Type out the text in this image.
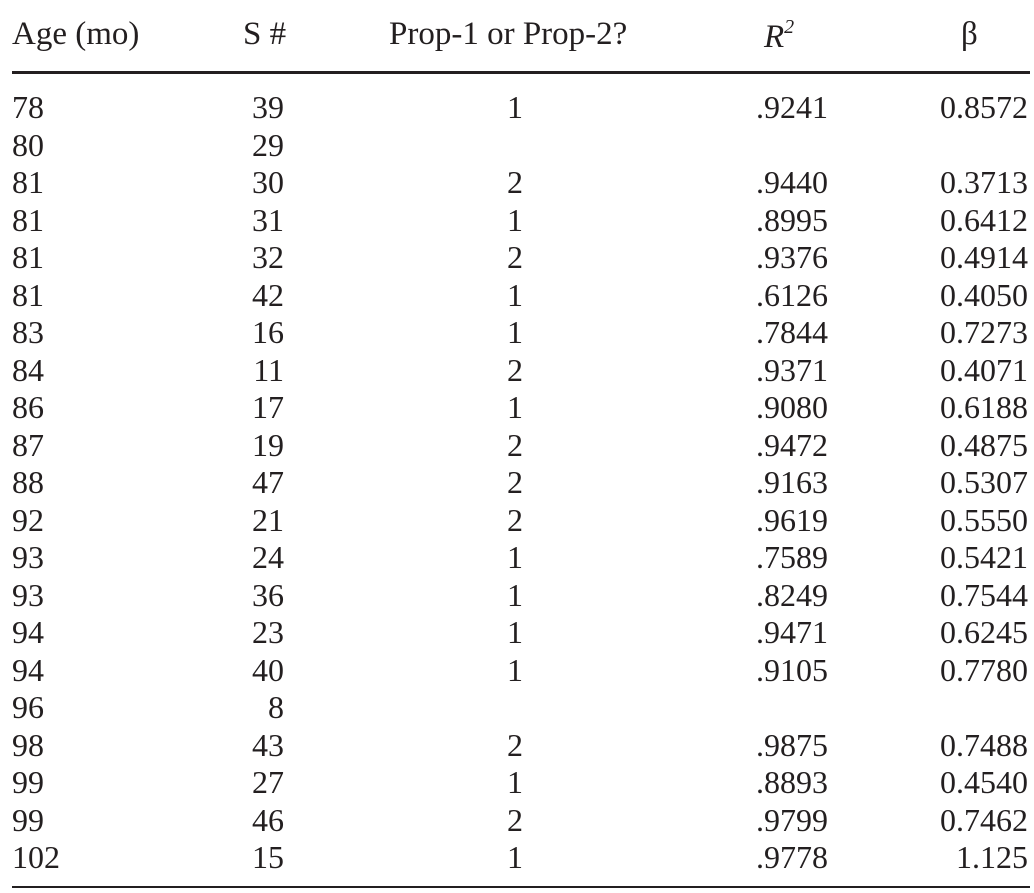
Age (mo)	S #	Prop-1 or Prop-2?	$R^2$	β
78	39	1	.9241	0.8572
80	29
81	30	2	.9440	0.3713
81	31	1	.8995	0.6412
81	32	2	.9376	0.4914
81	42	1	.6126	0.4050
83	16	1	.7844	0.7273
84	11	2	.9371	0.4071
86	17	1	.9080	0.6188
87	19	2	.9472	0.4875
88	47	2	.9163	0.5307
92	21	2	.9619	0.5550
93	24	1	.7589	0.5421
93	36	1	.8249	0.7544
94	23	1	.9471	0.6245
94	40	1	.9105	0.7780
96	8
98	43	2	.9875	0.7488
99	27	1	.8893	0.4540
99	46	2	.9799	0.7462
102	15	1	.9778	1.125
